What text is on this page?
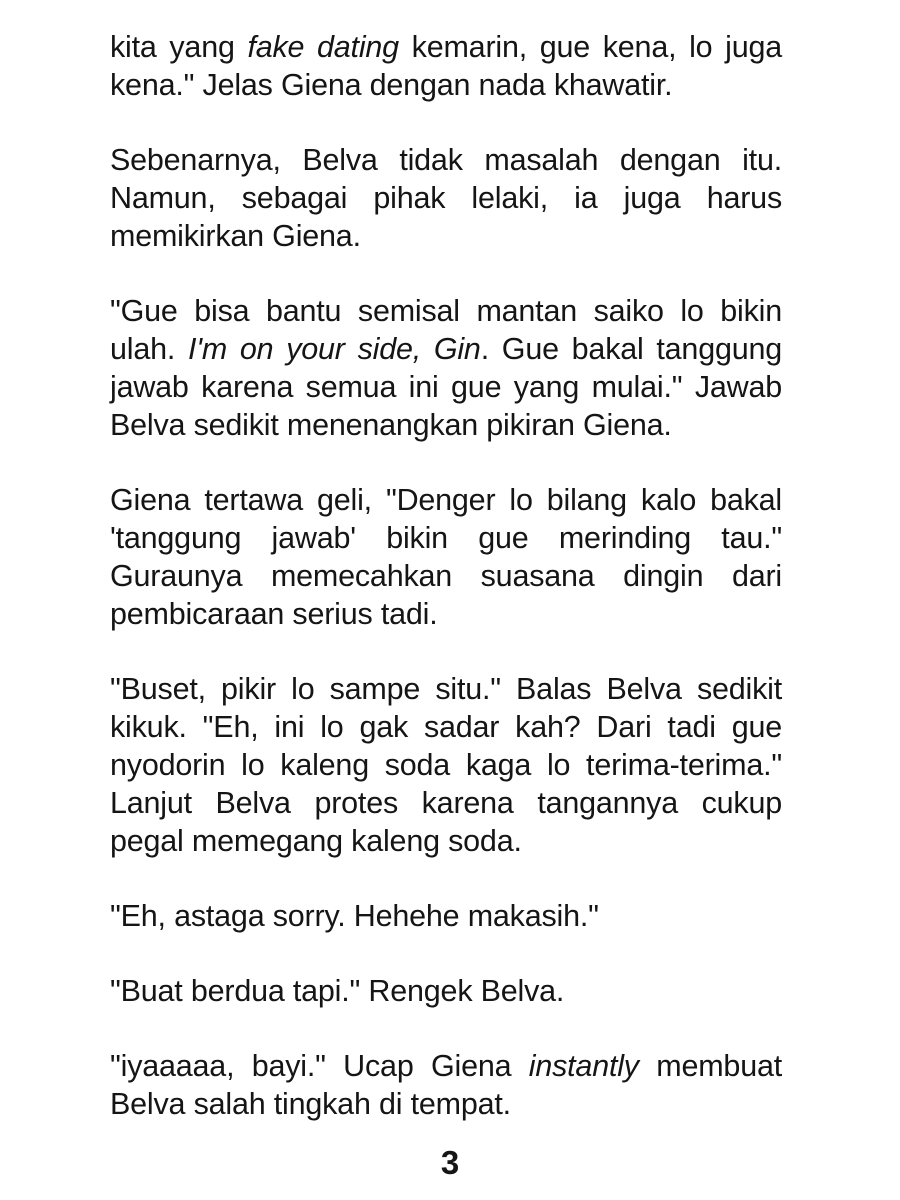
kita yang fake dating kemarin, gue kena, lo juga kena." Jelas Giena dengan nada khawatir.

Sebenarnya, Belva tidak masalah dengan itu. Namun, sebagai pihak lelaki, ia juga harus memikirkan Giena.

"Gue bisa bantu semisal mantan saiko lo bikin ulah. I'm on your side, Gin. Gue bakal tanggung jawab karena semua ini gue yang mulai." Jawab Belva sedikit menenangkan pikiran Giena.

Giena tertawa geli, "Denger lo bilang kalo bakal 'tanggung jawab' bikin gue merinding tau." Guraunya memecahkan suasana dingin dari pembicaraan serius tadi.

"Buset, pikir lo sampe situ." Balas Belva sedikit kikuk. "Eh, ini lo gak sadar kah? Dari tadi gue nyodorin lo kaleng soda kaga lo terima-terima." Lanjut Belva protes karena tangannya cukup pegal memegang kaleng soda.

"Eh, astaga sorry. Hehehe makasih."

"Buat berdua tapi." Rengek Belva.

"iyaaaaa, bayi." Ucap Giena instantly membuat Belva salah tingkah di tempat.

3
